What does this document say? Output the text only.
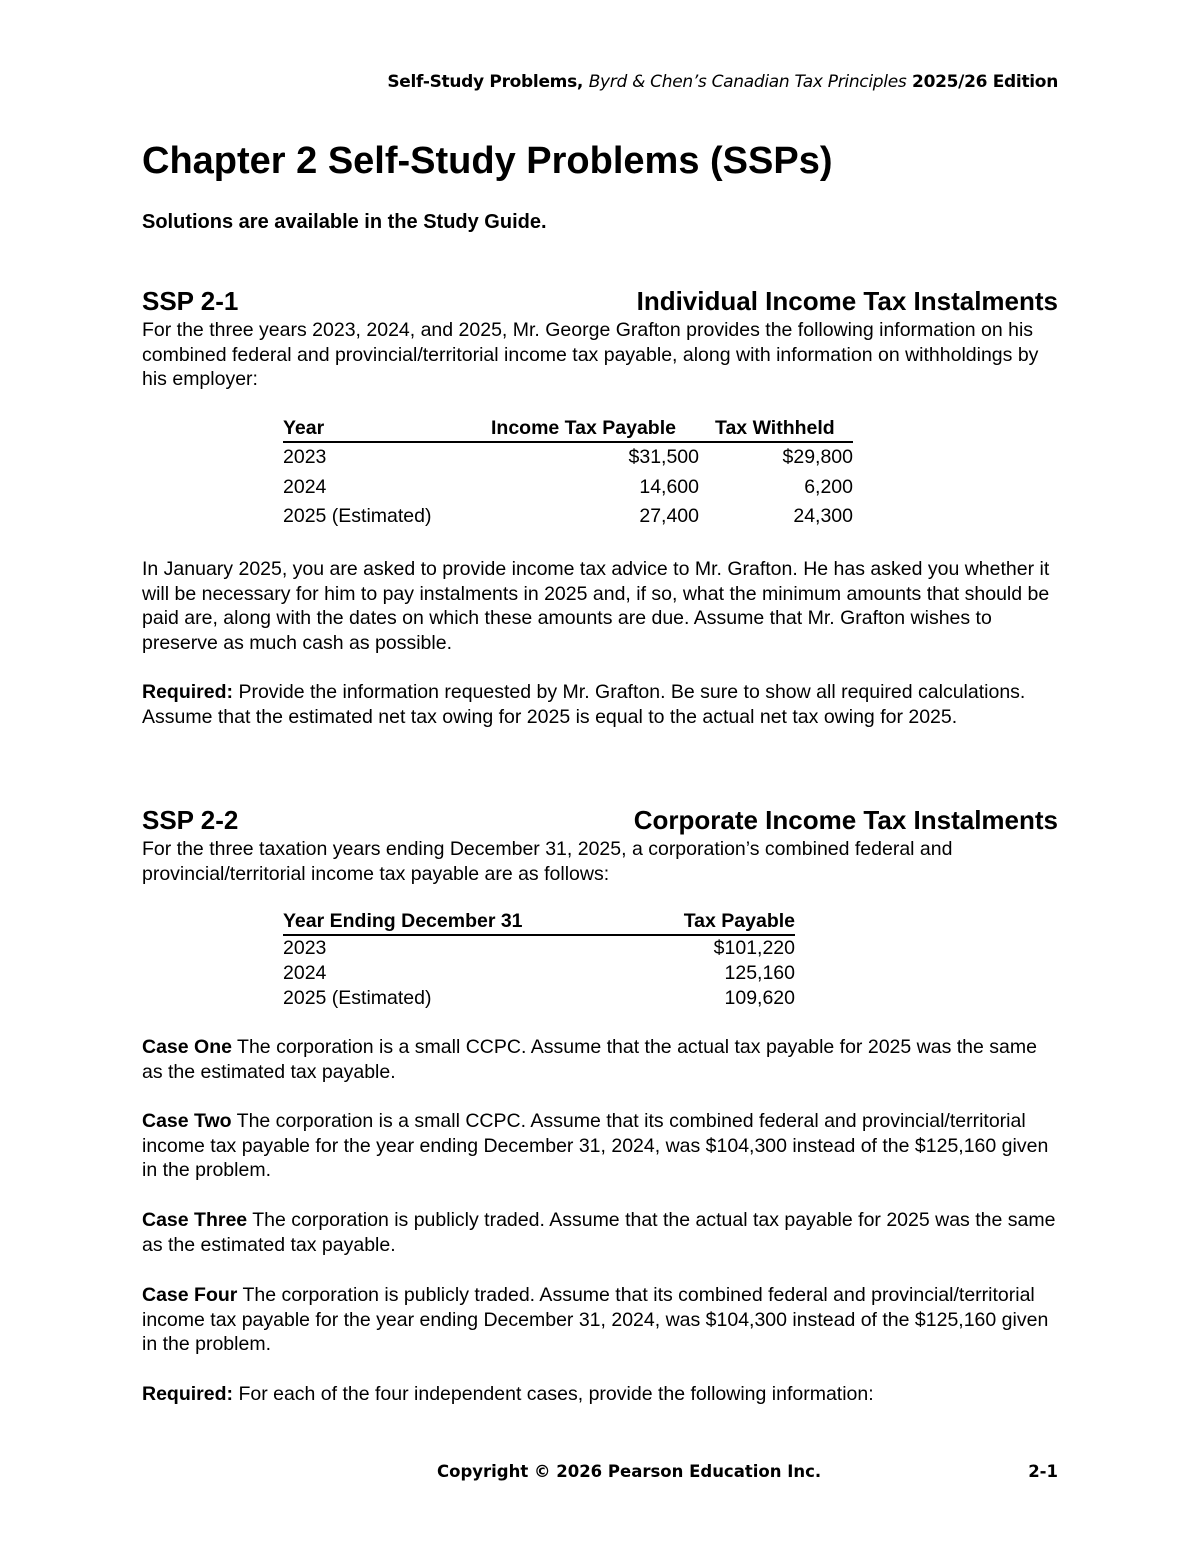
Self-Study Problems, Byrd & Chen’s Canadian Tax Principles 2025/26 Edition
Chapter 2 Self-Study Problems (SSPs)
Solutions are available in the Study Guide.
SSP 2-1	Individual Income Tax Instalments
For the three years 2023, 2024, and 2025, Mr. George Grafton provides the following information on his combined federal and provincial/territorial income tax payable, along with information on withholdings by his employer:
Year	Income Tax Payable	Tax Withheld
2023	$31,500	$29,800
2024	14,600	6,200
2025 (Estimated)	27,400	24,300
In January 2025, you are asked to provide income tax advice to Mr. Grafton. He has asked you whether it will be necessary for him to pay instalments in 2025 and, if so, what the minimum amounts that should be paid are, along with the dates on which these amounts are due. Assume that Mr. Grafton wishes to preserve as much cash as possible.
Required: Provide the information requested by Mr. Grafton. Be sure to show all required calculations. Assume that the estimated net tax owing for 2025 is equal to the actual net tax owing for 2025.
SSP 2-2	Corporate Income Tax Instalments
For the three taxation years ending December 31, 2025, a corporation’s combined federal and provincial/territorial income tax payable are as follows:
Year Ending December 31	Tax Payable
2023	$101,220
2024	125,160
2025 (Estimated)	109,620
Case One The corporation is a small CCPC. Assume that the actual tax payable for 2025 was the same as the estimated tax payable.
Case Two The corporation is a small CCPC. Assume that its combined federal and provincial/territorial income tax payable for the year ending December 31, 2024, was $104,300 instead of the $125,160 given in the problem.
Case Three The corporation is publicly traded. Assume that the actual tax payable for 2025 was the same as the estimated tax payable.
Case Four The corporation is publicly traded. Assume that its combined federal and provincial/territorial income tax payable for the year ending December 31, 2024, was $104,300 instead of the $125,160 given in the problem.
Required: For each of the four independent cases, provide the following information:
Copyright © 2026 Pearson Education Inc.	2-1
